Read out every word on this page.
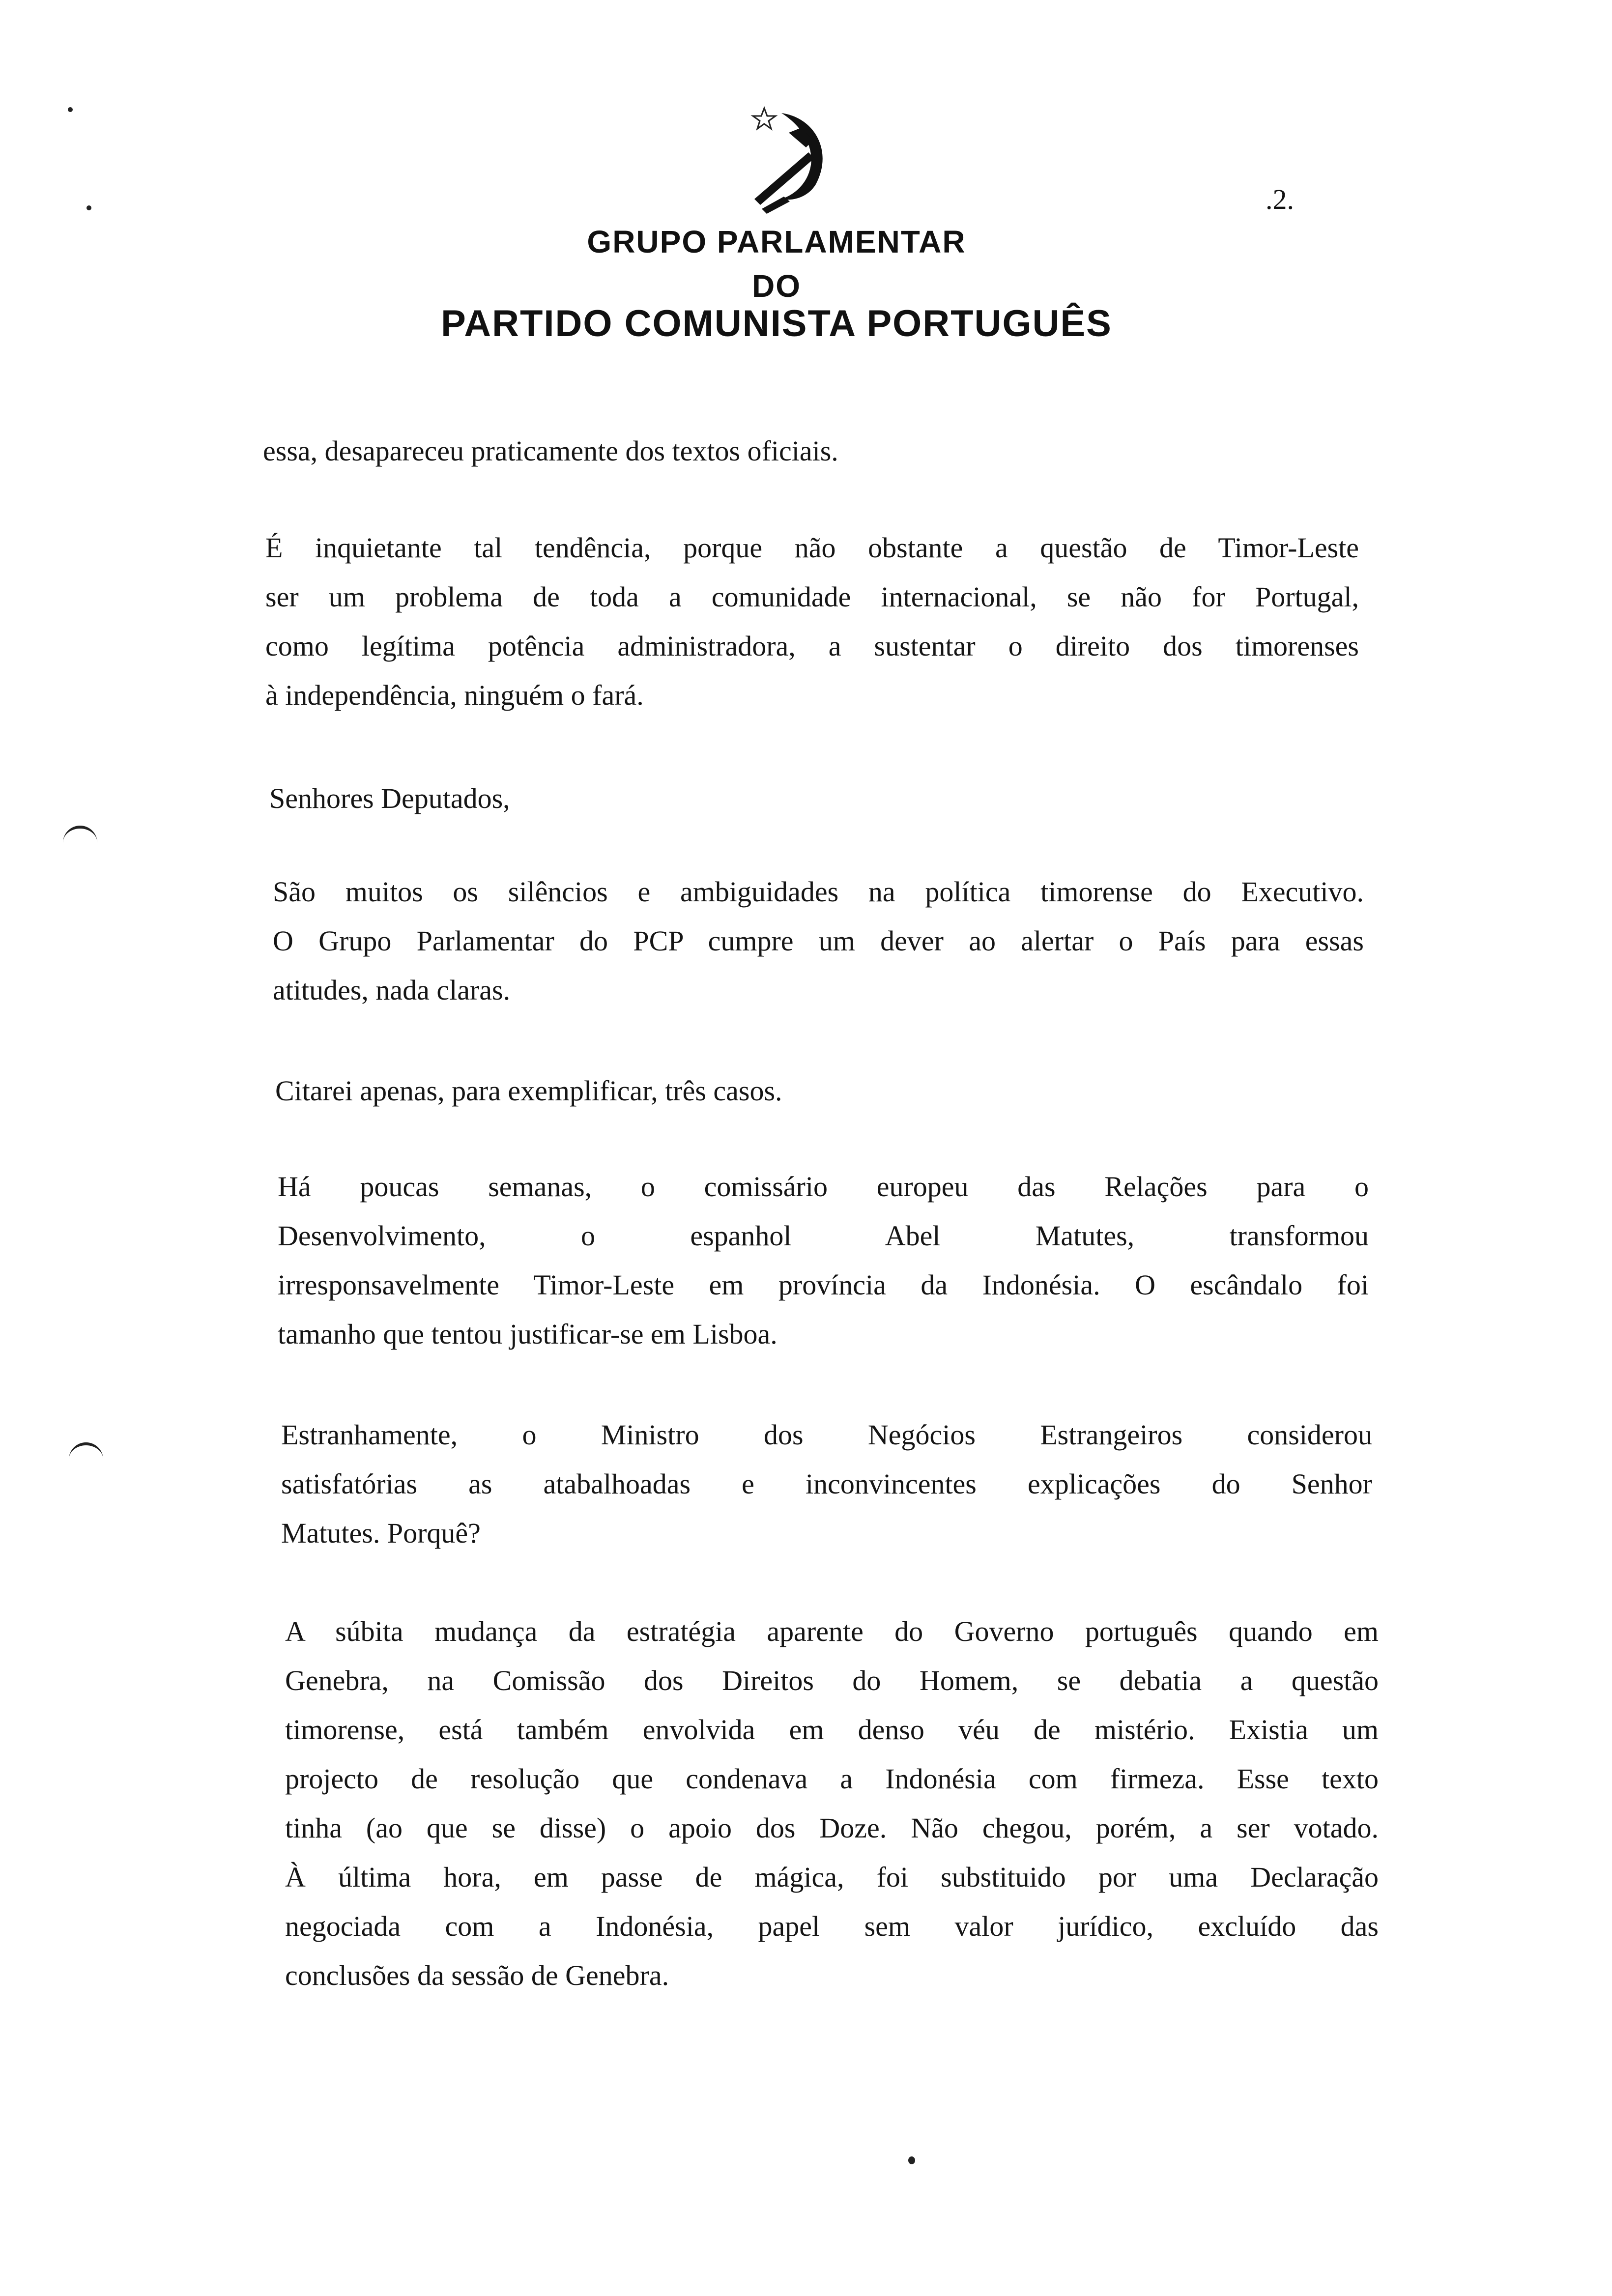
.2.
GRUPO PARLAMENTAR
DO
PARTIDO COMUNISTA PORTUGUÊS
essa, desapareceu praticamente dos textos oficiais.
É inquietante tal tendência, porque não obstante a questão de Timor-Leste
ser um problema de toda a comunidade internacional, se não for Portugal,
como legítima potência administradora, a sustentar o direito dos timorenses
à independência, ninguém o fará.
Senhores Deputados,
São muitos os silêncios e ambiguidades na política timorense do Executivo.
O Grupo Parlamentar do PCP cumpre um dever ao alertar o País para essas
atitudes, nada claras.
Citarei apenas, para exemplificar, três casos.
Há poucas semanas, o comissário europeu das Relações para o
Desenvolvimento, o espanhol Abel Matutes, transformou
irresponsavelmente Timor-Leste em província da Indonésia. O escândalo foi
tamanho que tentou justificar-se em Lisboa.
Estranhamente, o Ministro dos Negócios Estrangeiros considerou
satisfatórias as atabalhoadas e inconvincentes explicações do Senhor
Matutes. Porquê?
A súbita mudança da estratégia aparente do Governo português quando em
Genebra, na Comissão dos Direitos do Homem, se debatia a questão
timorense, está também envolvida em denso véu de mistério. Existia um
projecto de resolução que condenava a Indonésia com firmeza. Esse texto
tinha (ao que se disse) o apoio dos Doze. Não chegou, porém, a ser votado.
À última hora, em passe de mágica, foi substituido por uma Declaração
negociada com a Indonésia, papel sem valor jurídico, excluído das
conclusões da sessão de Genebra.
